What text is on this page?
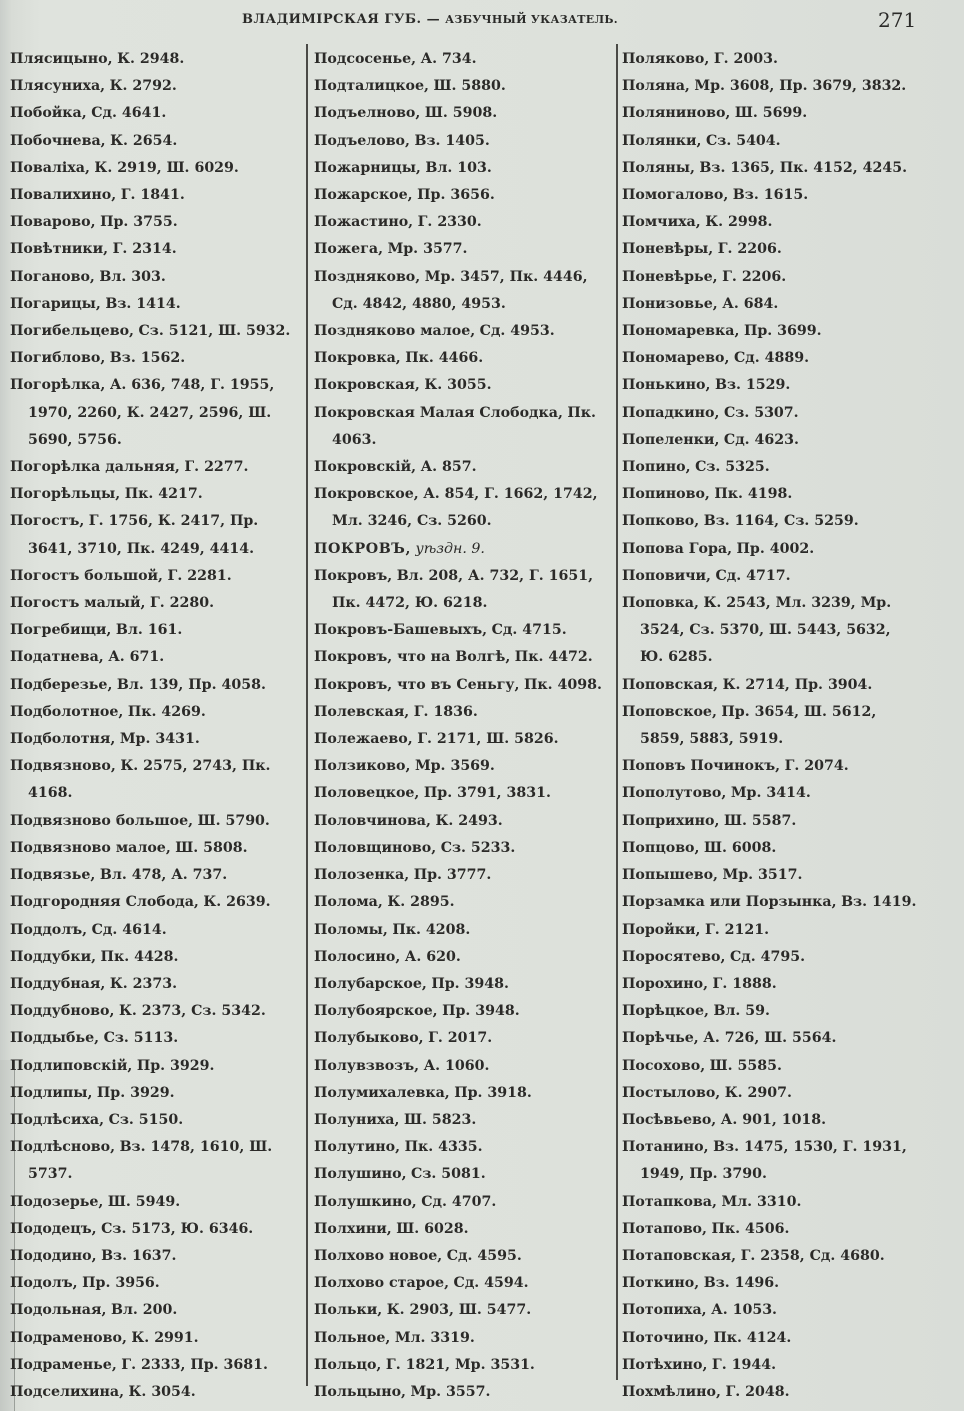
ВЛАДИМІРСКАЯ ГУБ. — АЗБУЧНЫЙ УКАЗАТЕЛЬ.	271
Плясицыно, К. 2948.
Плясуниха, К. 2792.
Побойка, Сд. 4641.
Побочнева, К. 2654.
Поваліха, К. 2919, Ш. 6029.
Повалихино, Г. 1841.
Поварово, Пр. 3755.
Повѣтники, Г. 2314.
Поганово, Вл. 303.
Погарицы, Вз. 1414.
Погибельцево, Сз. 5121, Ш. 5932.
Погиблово, Вз. 1562.
Погорѣлка, А. 636, 748, Г. 1955,
1970, 2260, К. 2427, 2596, Ш.
5690, 5756.
Погорѣлка дальняя, Г. 2277.
Погорѣльцы, Пк. 4217.
Погостъ, Г. 1756, К. 2417, Пр.
3641, 3710, Пк. 4249, 4414.
Погостъ большой, Г. 2281.
Погостъ малый, Г. 2280.
Погребищи, Вл. 161.
Податнева, А. 671.
Подберезье, Вл. 139, Пр. 4058.
Подболотное, Пк. 4269.
Подболотня, Мр. 3431.
Подвязново, К. 2575, 2743, Пк.
4168.
Подвязново большое, Ш. 5790.
Подвязново малое, Ш. 5808.
Подвязье, Вл. 478, А. 737.
Подгородняя Слобода, К. 2639.
Поддолъ, Сд. 4614.
Поддубки, Пк. 4428.
Поддубная, К. 2373.
Поддубново, К. 2373, Сз. 5342.
Поддыбье, Сз. 5113.
Подлиповскій, Пр. 3929.
Подлипы, Пр. 3929.
Подлѣсиха, Сз. 5150.
Подлѣсново, Вз. 1478, 1610, Ш.
5737.
Подозерье, Ш. 5949.
Пододецъ, Сз. 5173, Ю. 6346.
Пододино, Вз. 1637.
Подолъ, Пр. 3956.
Подольная, Вл. 200.
Подраменово, К. 2991.
Подраменье, Г. 2333, Пр. 3681.
Подселихина, К. 3054.
Подсосенье, А. 734.
Подталицкое, Ш. 5880.
Подъелново, Ш. 5908.
Подъелово, Вз. 1405.
Пожарницы, Вл. 103.
Пожарское, Пр. 3656.
Пожастино, Г. 2330.
Пожега, Мр. 3577.
Поздняково, Мр. 3457, Пк. 4446,
Сд. 4842, 4880, 4953.
Поздняково малое, Сд. 4953.
Покровка, Пк. 4466.
Покровская, К. 3055.
Покровская Малая Слободка, Пк.
4063.
Покровскій, А. 857.
Покровское, А. 854, Г. 1662, 1742,
Мл. 3246, Сз. 5260.
ПОКРОВЪ, уѣздн. 9.
Покровъ, Вл. 208, А. 732, Г. 1651,
Пк. 4472, Ю. 6218.
Покровъ-Башевыхъ, Сд. 4715.
Покровъ, что на Волгѣ, Пк. 4472.
Покровъ, что въ Сеньгу, Пк. 4098.
Полевская, Г. 1836.
Полежаево, Г. 2171, Ш. 5826.
Ползиково, Мр. 3569.
Половецкое, Пр. 3791, 3831.
Половчинова, К. 2493.
Половщиново, Сз. 5233.
Полозенка, Пр. 3777.
Полома, К. 2895.
Поломы, Пк. 4208.
Полосино, А. 620.
Полубарское, Пр. 3948.
Полубоярское, Пр. 3948.
Полубыково, Г. 2017.
Полувзвозъ, А. 1060.
Полумихалевка, Пр. 3918.
Полуниха, Ш. 5823.
Полутино, Пк. 4335.
Полушино, Сз. 5081.
Полушкино, Сд. 4707.
Полхини, Ш. 6028.
Полхово новое, Сд. 4595.
Полхово старое, Сд. 4594.
Польки, К. 2903, Ш. 5477.
Польное, Мл. 3319.
Польцо, Г. 1821, Мр. 3531.
Польцыно, Мр. 3557.
Поляково, Г. 2003.
Поляна, Мр. 3608, Пр. 3679, 3832.
Полянинoво, Ш. 5699.
Полянки, Сз. 5404.
Поляны, Вз. 1365, Пк. 4152, 4245.
Помогалово, Вз. 1615.
Помчиха, К. 2998.
Поневѣры, Г. 2206.
Поневѣрье, Г. 2206.
Понизовье, А. 684.
Пономаревка, Пр. 3699.
Пономарево, Сд. 4889.
Понькино, Вз. 1529.
Попадкино, Сз. 5307.
Попеленки, Сд. 4623.
Попино, Сз. 5325.
Попиново, Пк. 4198.
Попково, Вз. 1164, Сз. 5259.
Попова Гора, Пр. 4002.
Поповичи, Сд. 4717.
Поповка, К. 2543, Мл. 3239, Мр.
3524, Сз. 5370, Ш. 5443, 5632,
Ю. 6285.
Поповская, К. 2714, Пр. 3904.
Поповское, Пр. 3654, Ш. 5612,
5859, 5883, 5919.
Поповъ Починокъ, Г. 2074.
Пополутово, Мр. 3414.
Поприхино, Ш. 5587.
Попцово, Ш. 6008.
Попышево, Мр. 3517.
Порзамка или Порзынка, Вз. 1419.
Поройки, Г. 2121.
Поросятево, Сд. 4795.
Порохино, Г. 1888.
Порѣцкое, Вл. 59.
Порѣчье, А. 726, Ш. 5564.
Посохово, Ш. 5585.
Постылово, К. 2907.
Посѣвьево, А. 901, 1018.
Потанино, Вз. 1475, 1530, Г. 1931,
1949, Пр. 3790.
Потапкова, Мл. 3310.
Потапово, Пк. 4506.
Потаповская, Г. 2358, Сд. 4680.
Поткино, Вз. 1496.
Потопиха, А. 1053.
Поточино, Пк. 4124.
Потѣхино, Г. 1944.
Похмѣлино, Г. 2048.
